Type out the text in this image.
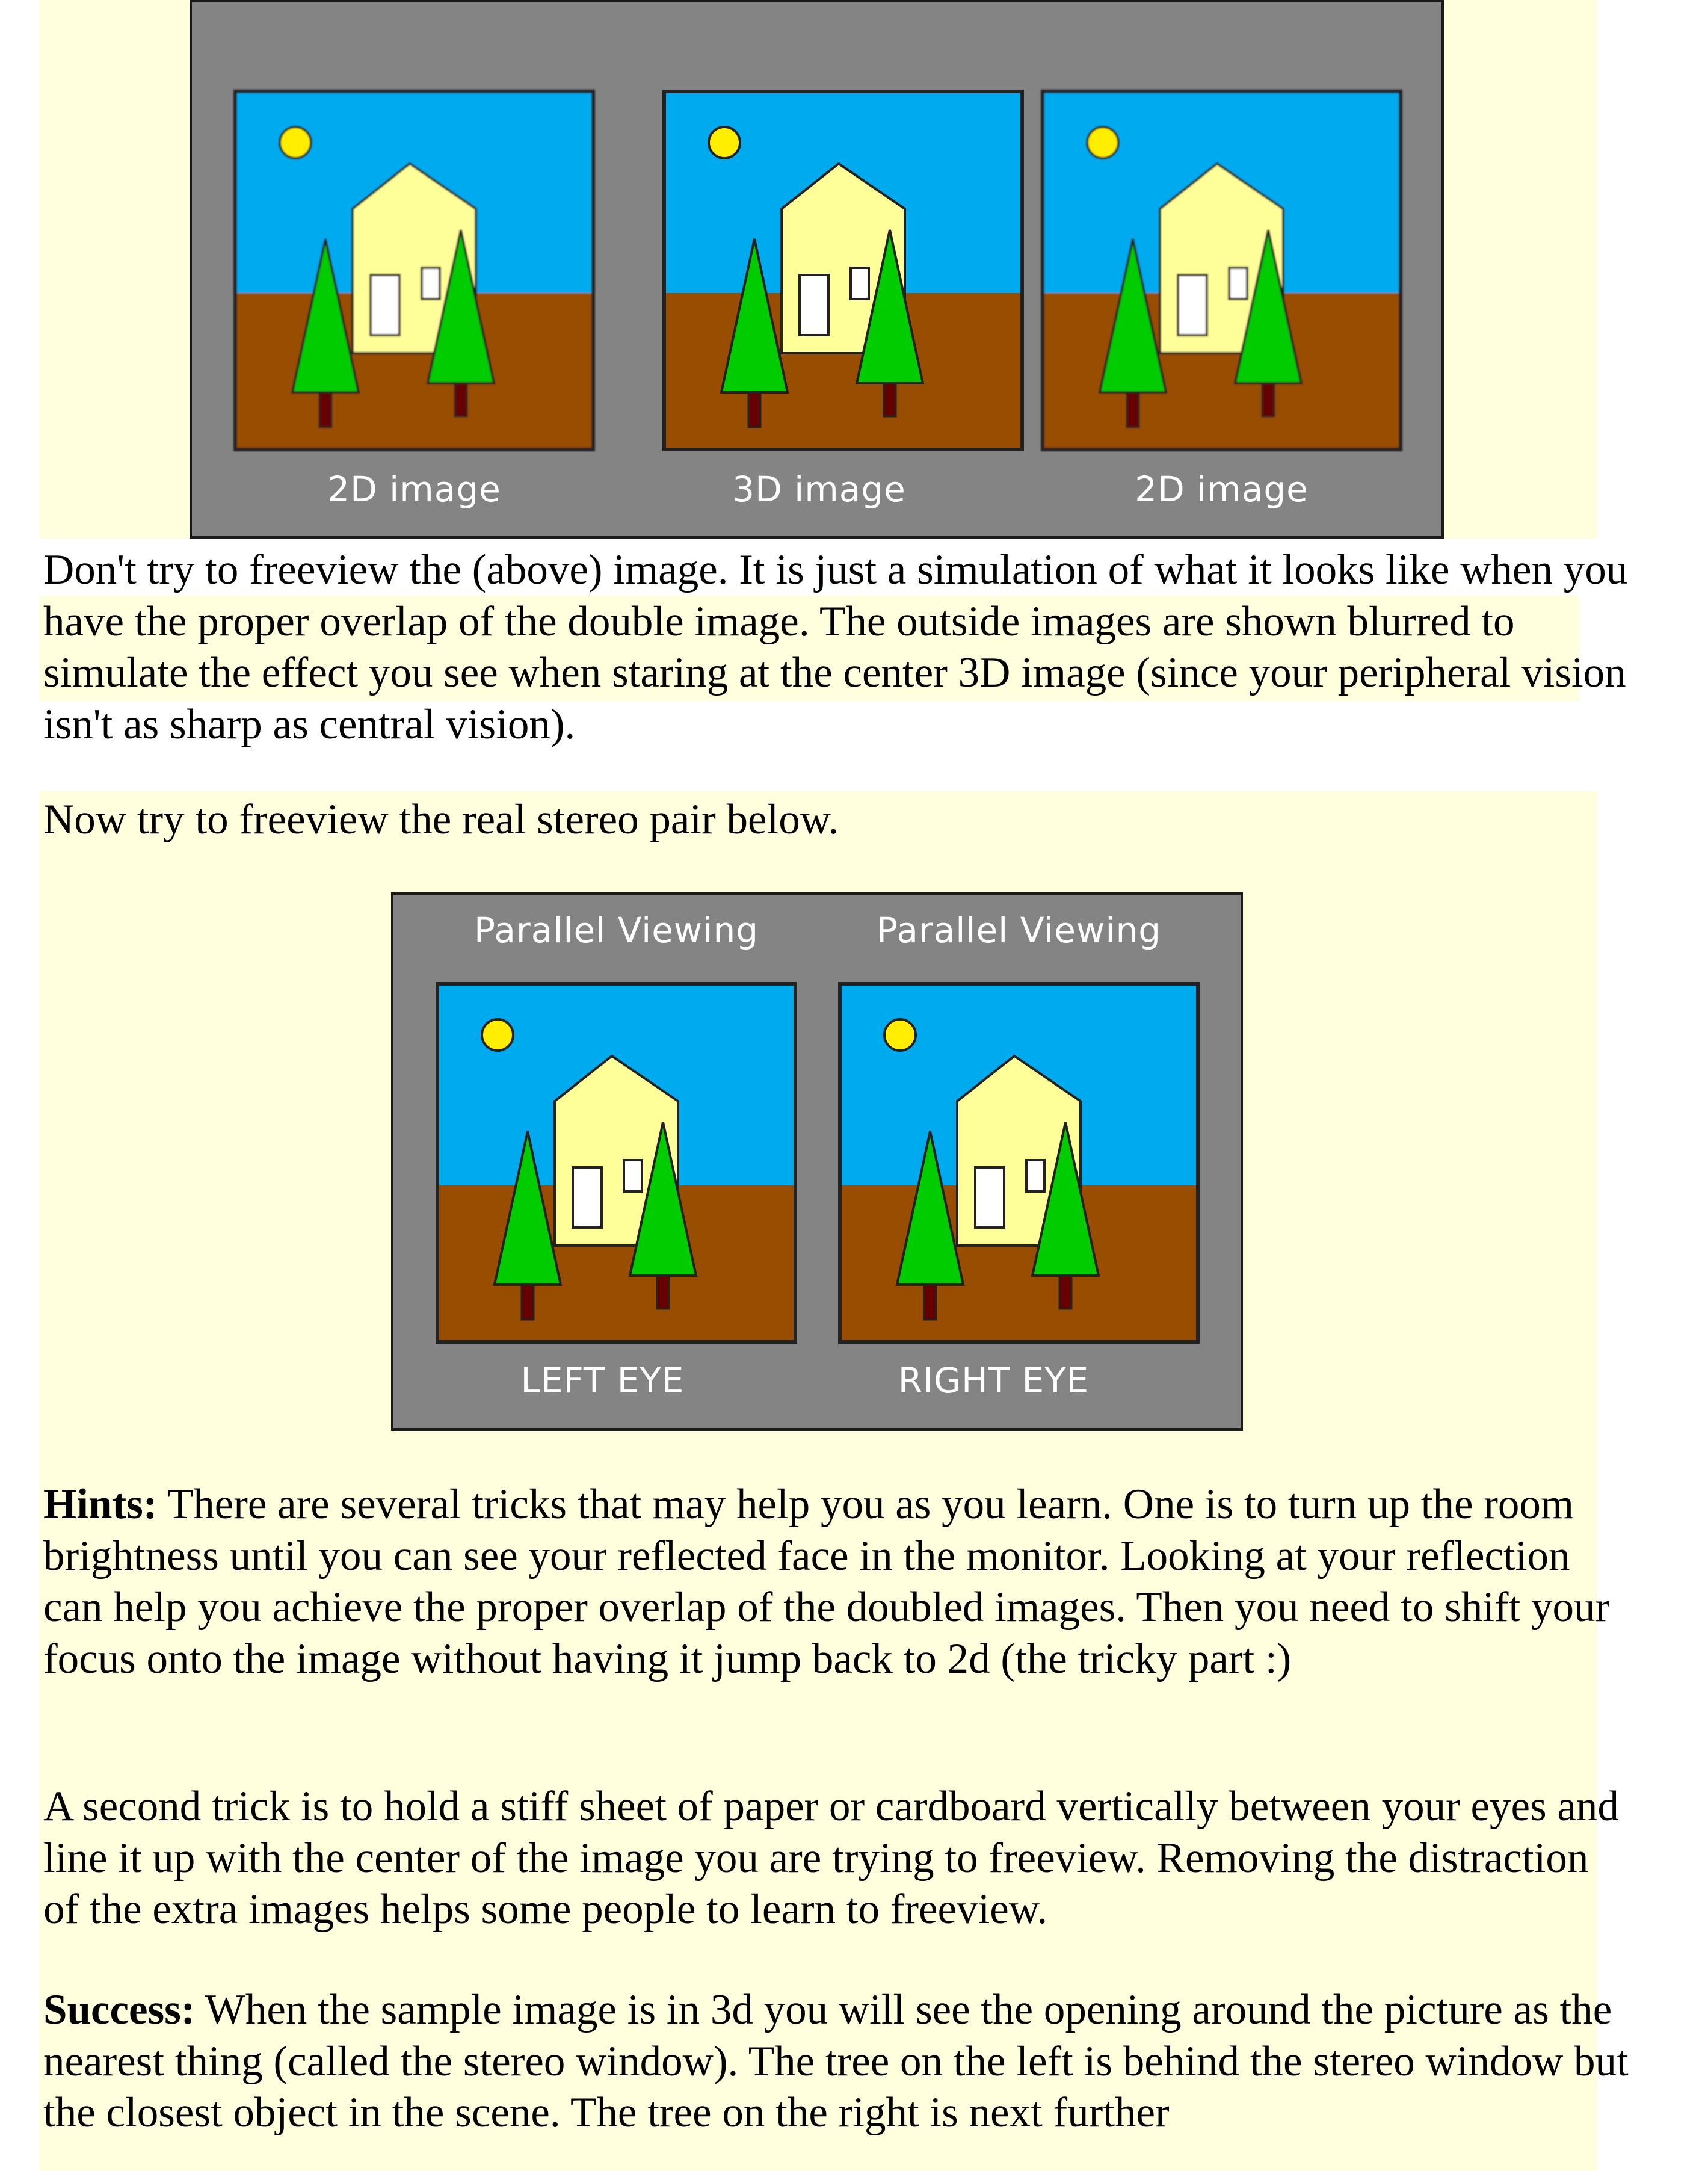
2D image	3D image	2D image

Don't try to freeview the (above) image. It is just a simulation of what it looks like when you have the proper overlap of the double image. The outside images are shown blurred to simulate the effect you see when staring at the center 3D image (since your peripheral vision isn't as sharp as central vision).

Now try to freeview the real stereo pair below.

Parallel Viewing	Parallel Viewing
LEFT EYE	RIGHT EYE

Hints: There are several tricks that may help you as you learn. One is to turn up the room brightness until you can see your reflected face in the monitor. Looking at your reflection can help you achieve the proper overlap of the doubled images. Then you need to shift your focus onto the image without having it jump back to 2d (the tricky part :)

A second trick is to hold a stiff sheet of paper or cardboard vertically between your eyes and line it up with the center of the image you are trying to freeview. Removing the distraction of the extra images helps some people to learn to freeview.

Success: When the sample image is in 3d you will see the opening around the picture as the nearest thing (called the stereo window). The tree on the left is behind the stereo window but the closest object in the scene. The tree on the right is next further
